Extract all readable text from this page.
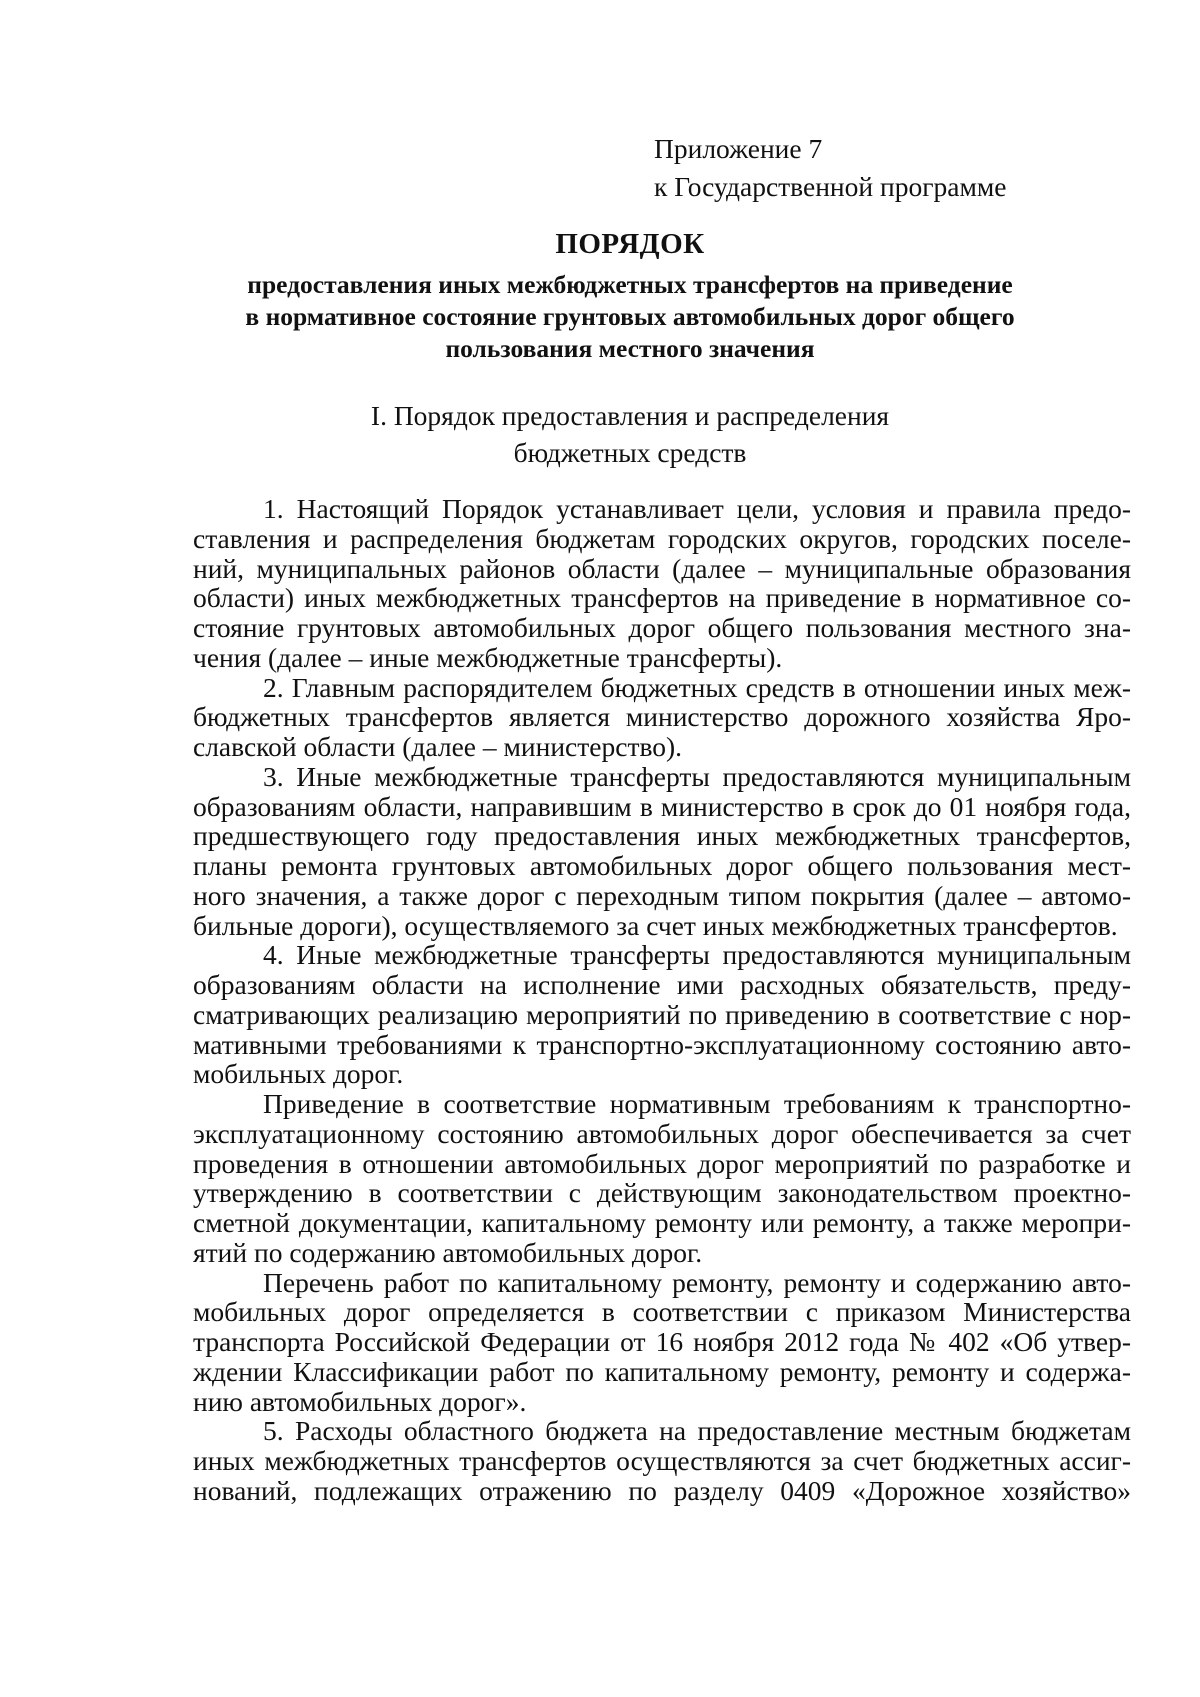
Приложение 7
к Государственной программе
ПОРЯДОК
предоставления иных межбюджетных трансфертов на приведение
в нормативное состояние грунтовых автомобильных дорог общего
пользования местного значения
I. Порядок предоставления и распределения
бюджетных средств
1. Настоящий Порядок устанавливает цели, условия и правила предо-
ставления и распределения бюджетам городских округов, городских поселе-
ний, муниципальных районов области (далее – муниципальные образования
области) иных межбюджетных трансфертов на приведение в нормативное со-
стояние грунтовых автомобильных дорог общего пользования местного зна-
чения (далее – иные межбюджетные трансферты).
2. Главным распорядителем бюджетных средств в отношении иных меж-
бюджетных трансфертов является министерство дорожного хозяйства Яро-
славской области (далее – министерство).
3. Иные межбюджетные трансферты предоставляются муниципальным
образованиям области, направившим в министерство в срок до 01 ноября года,
предшествующего году предоставления иных межбюджетных трансфертов,
планы ремонта грунтовых автомобильных дорог общего пользования мест-
ного значения, а также дорог с переходным типом покрытия (далее – автомо-
бильные дороги), осуществляемого за счет иных межбюджетных трансфертов.
4. Иные межбюджетные трансферты предоставляются муниципальным
образованиям области на исполнение ими расходных обязательств, преду-
сматривающих реализацию мероприятий по приведению в соответствие с нор-
мативными требованиями к транспортно-эксплуатационному состоянию авто-
мобильных дорог.
Приведение в соответствие нормативным требованиям к транспортно-
эксплуатационному состоянию автомобильных дорог обеспечивается за счет
проведения в отношении автомобильных дорог мероприятий по разработке и
утверждению в соответствии с действующим законодательством проектно-
сметной документации, капитальному ремонту или ремонту, а также меропри-
ятий по содержанию автомобильных дорог.
Перечень работ по капитальному ремонту, ремонту и содержанию авто-
мобильных дорог определяется в соответствии с приказом Министерства
транспорта Российской Федерации от 16 ноября 2012 года № 402 «Об утвер-
ждении Классификации работ по капитальному ремонту, ремонту и содержа-
нию автомобильных дорог».
5. Расходы областного бюджета на предоставление местным бюджетам
иных межбюджетных трансфертов осуществляются за счет бюджетных ассиг-
нований, подлежащих отражению по разделу 0409 «Дорожное хозяйство»
